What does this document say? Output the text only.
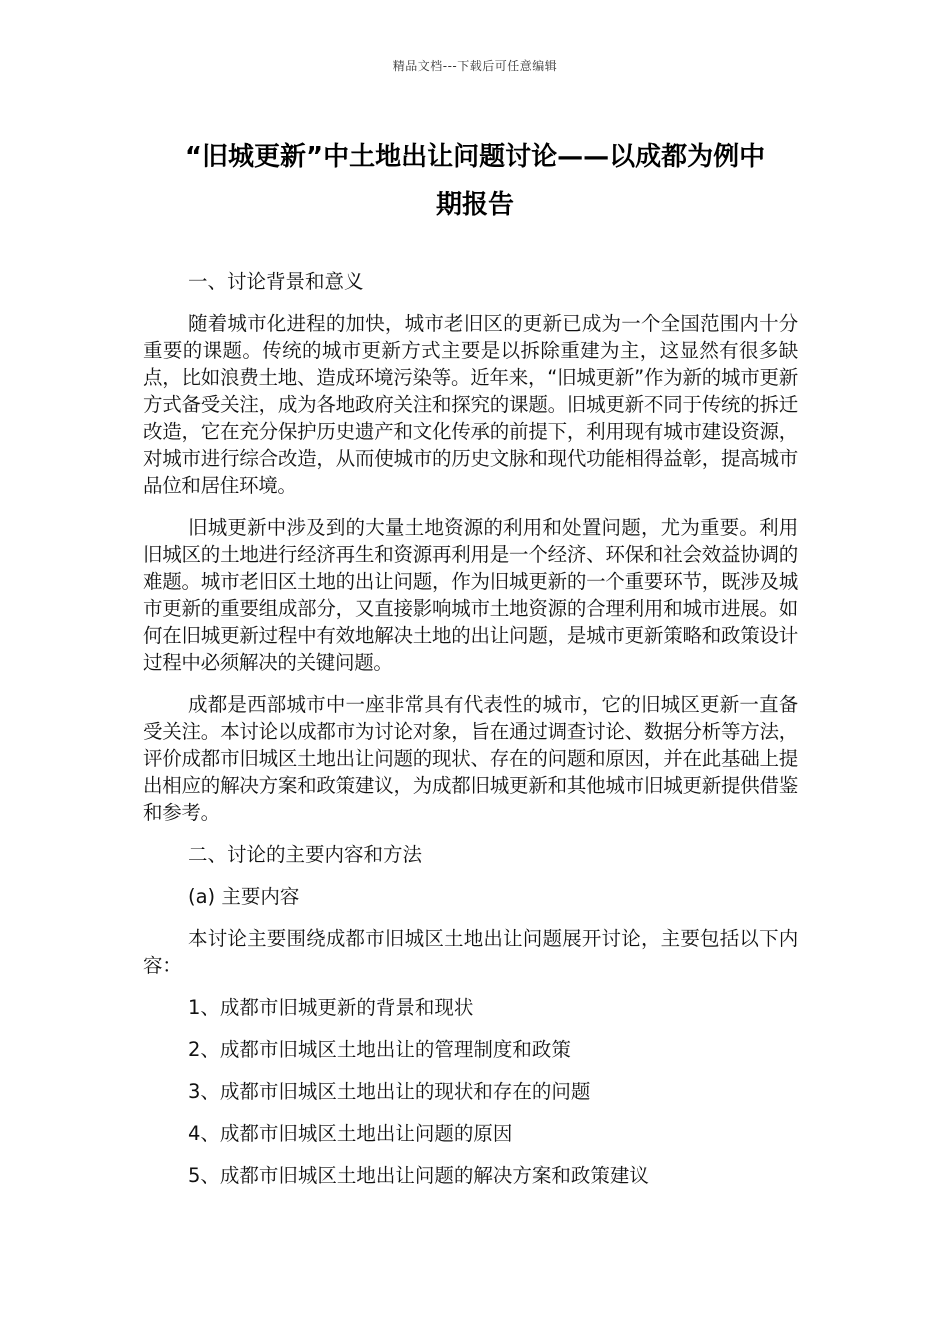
精品文档---下载后可任意编辑
“旧城更新”中土地出让问题讨论——以成都为例中
期报告

一、讨论背景和意义

随着城市化进程的加快，城市老旧区的更新已成为一个全国范围内十分重要的课题。传统的城市更新方式主要是以拆除重建为主，这显然有很多缺点，比如浪费土地、造成环境污染等。近年来，“旧城更新”作为新的城市更新方式备受关注，成为各地政府关注和探究的课题。旧城更新不同于传统的拆迁改造，它在充分保护历史遗产和文化传承的前提下，利用现有城市建设资源，对城市进行综合改造，从而使城市的历史文脉和现代功能相得益彰，提高城市品位和居住环境。

旧城更新中涉及到的大量土地资源的利用和处置问题，尤为重要。利用旧城区的土地进行经济再生和资源再利用是一个经济、环保和社会效益协调的难题。城市老旧区土地的出让问题，作为旧城更新的一个重要环节，既涉及城市更新的重要组成部分，又直接影响城市土地资源的合理利用和城市进展。如何在旧城更新过程中有效地解决土地的出让问题，是城市更新策略和政策设计过程中必须解决的关键问题。

成都是西部城市中一座非常具有代表性的城市，它的旧城区更新一直备受关注。本讨论以成都市为讨论对象，旨在通过调查讨论、数据分析等方法，评价成都市旧城区土地出让问题的现状、存在的问题和原因，并在此基础上提出相应的解决方案和政策建议，为成都旧城更新和其他城市旧城更新提供借鉴和参考。

二、讨论的主要内容和方法

(a) 主要内容

本讨论主要围绕成都市旧城区土地出让问题展开讨论，主要包括以下内容：

1、成都市旧城更新的背景和现状

2、成都市旧城区土地出让的管理制度和政策

3、成都市旧城区土地出让的现状和存在的问题

4、成都市旧城区土地出让问题的原因

5、成都市旧城区土地出让问题的解决方案和政策建议
